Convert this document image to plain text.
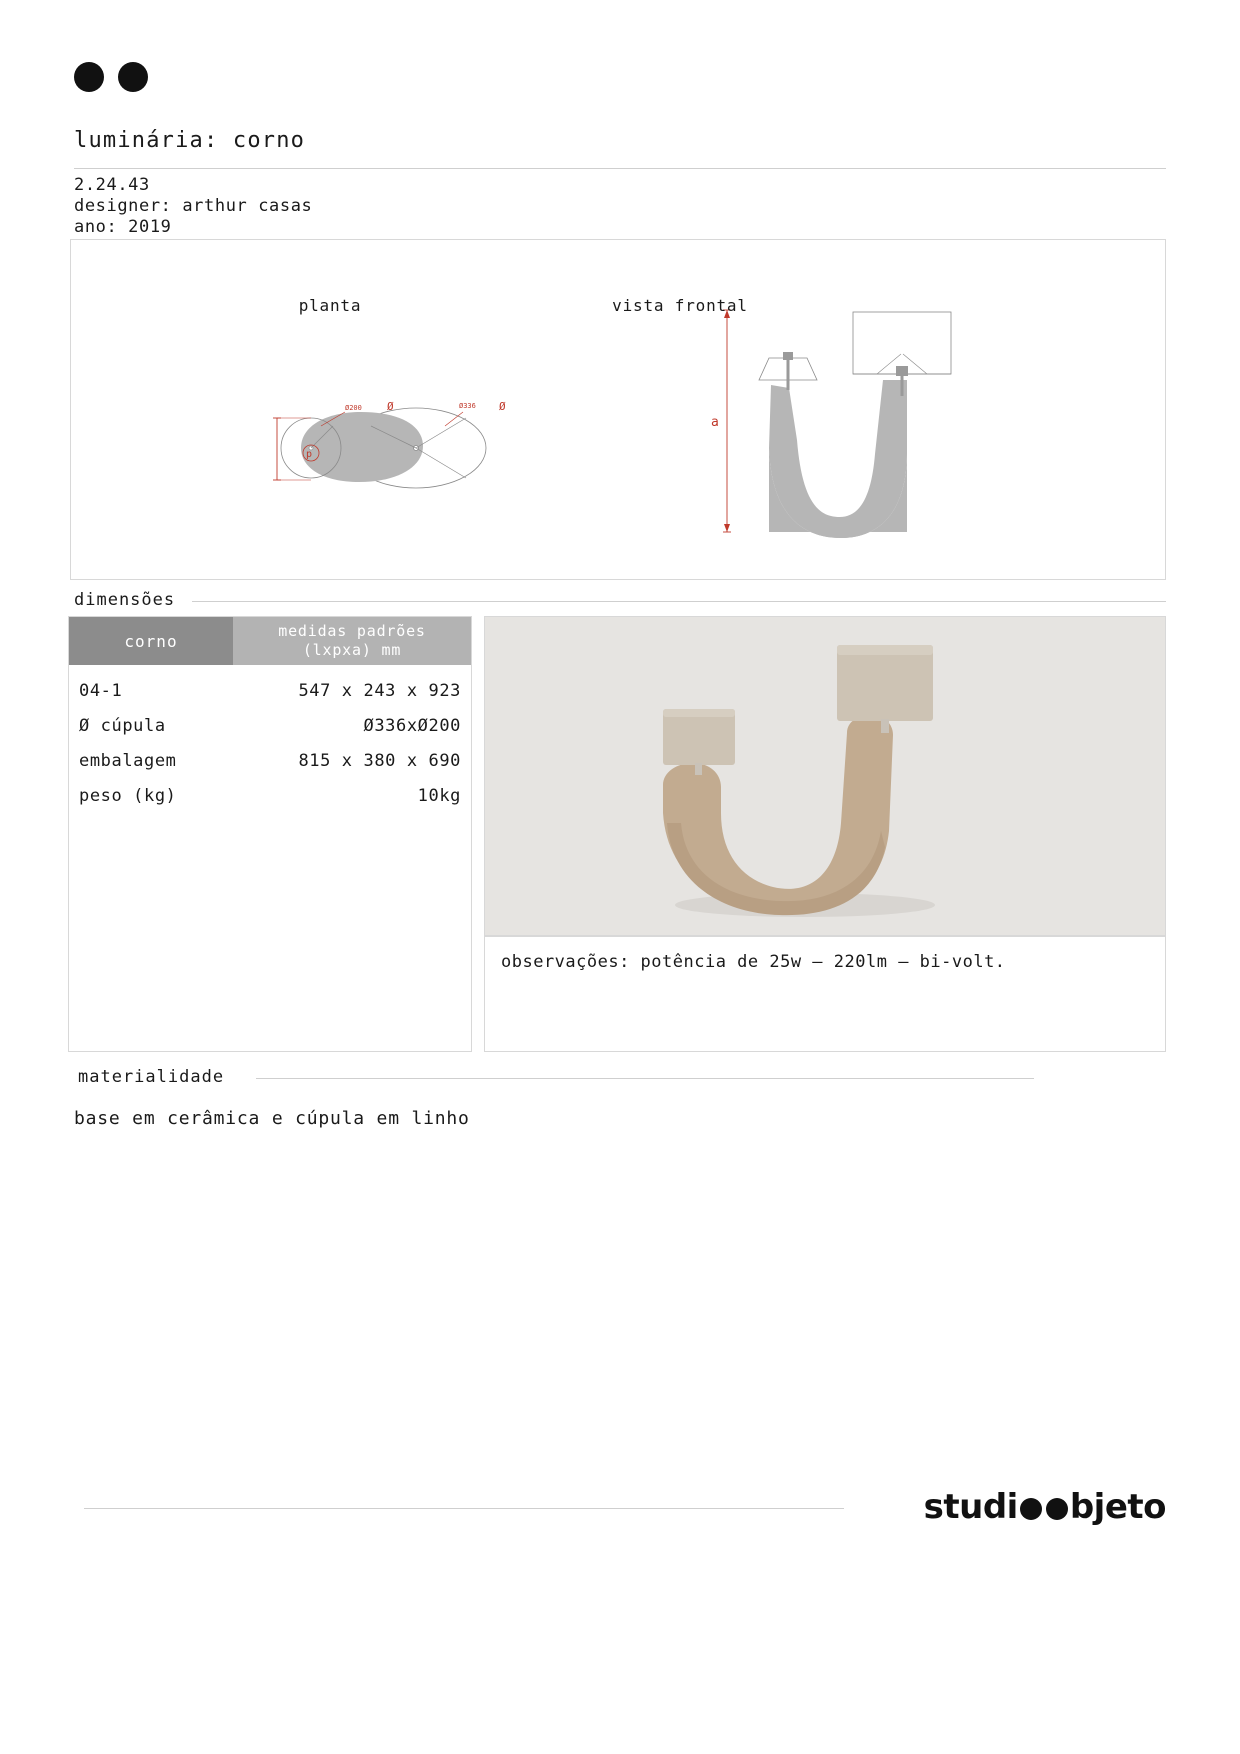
luminária: corno
2.24.43
designer: arthur casas
ano: 2019
Ø200 Ø	Ø336 Ø
p
a
planta	vista frontal
dimensões
corno
medidas padrões
(lxpxa) mm
04-1	547 x 243 x 923
Ø cúpula	Ø336xØ200
embalagem	815 x 380 x 690
peso (kg)	10kg
observações: potência de 25w – 220lm – bi-volt.
materialidade
base em cerâmica e cúpula em linho
studi bjeto
